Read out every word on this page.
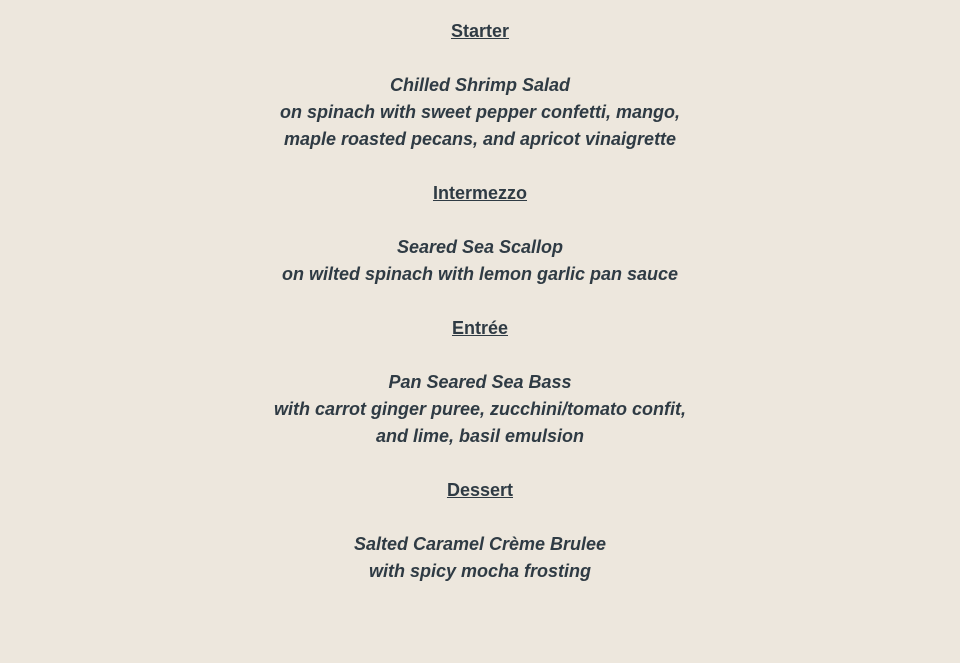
Starter
Chilled Shrimp Salad
on spinach with sweet pepper confetti, mango,
maple roasted pecans, and apricot vinaigrette
Intermezzo
Seared Sea Scallop
on wilted spinach with lemon garlic pan sauce
Entrée
Pan Seared Sea Bass
with carrot ginger puree, zucchini/tomato confit,
and lime, basil emulsion
Dessert
Salted Caramel Crème Brulee
with spicy mocha frosting
